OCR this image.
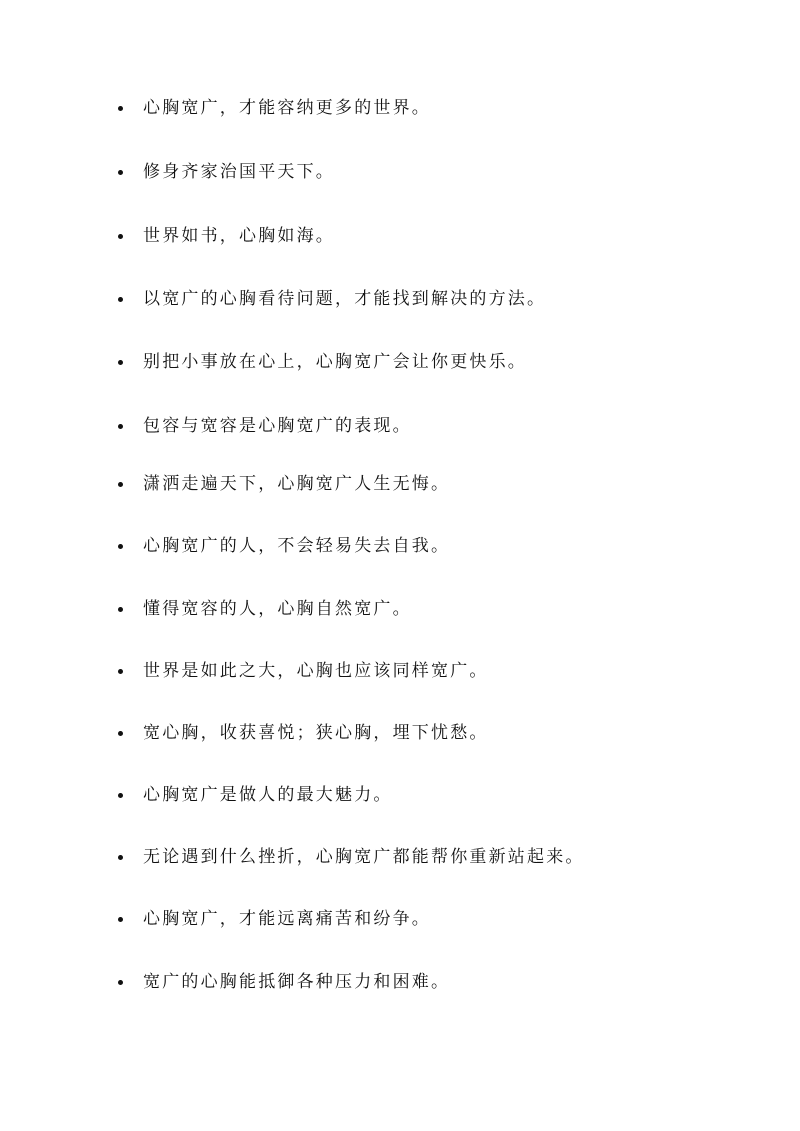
心胸宽广，才能容纳更多的世界。
修身齐家治国平天下。
世界如书，心胸如海。
以宽广的心胸看待问题，才能找到解决的方法。
别把小事放在心上，心胸宽广会让你更快乐。
包容与宽容是心胸宽广的表现。
潇洒走遍天下，心胸宽广人生无悔。
心胸宽广的人，不会轻易失去自我。
懂得宽容的人，心胸自然宽广。
世界是如此之大，心胸也应该同样宽广。
宽心胸，收获喜悦；狭心胸，埋下忧愁。
心胸宽广是做人的最大魅力。
无论遇到什么挫折，心胸宽广都能帮你重新站起来。
心胸宽广，才能远离痛苦和纷争。
宽广的心胸能抵御各种压力和困难。
